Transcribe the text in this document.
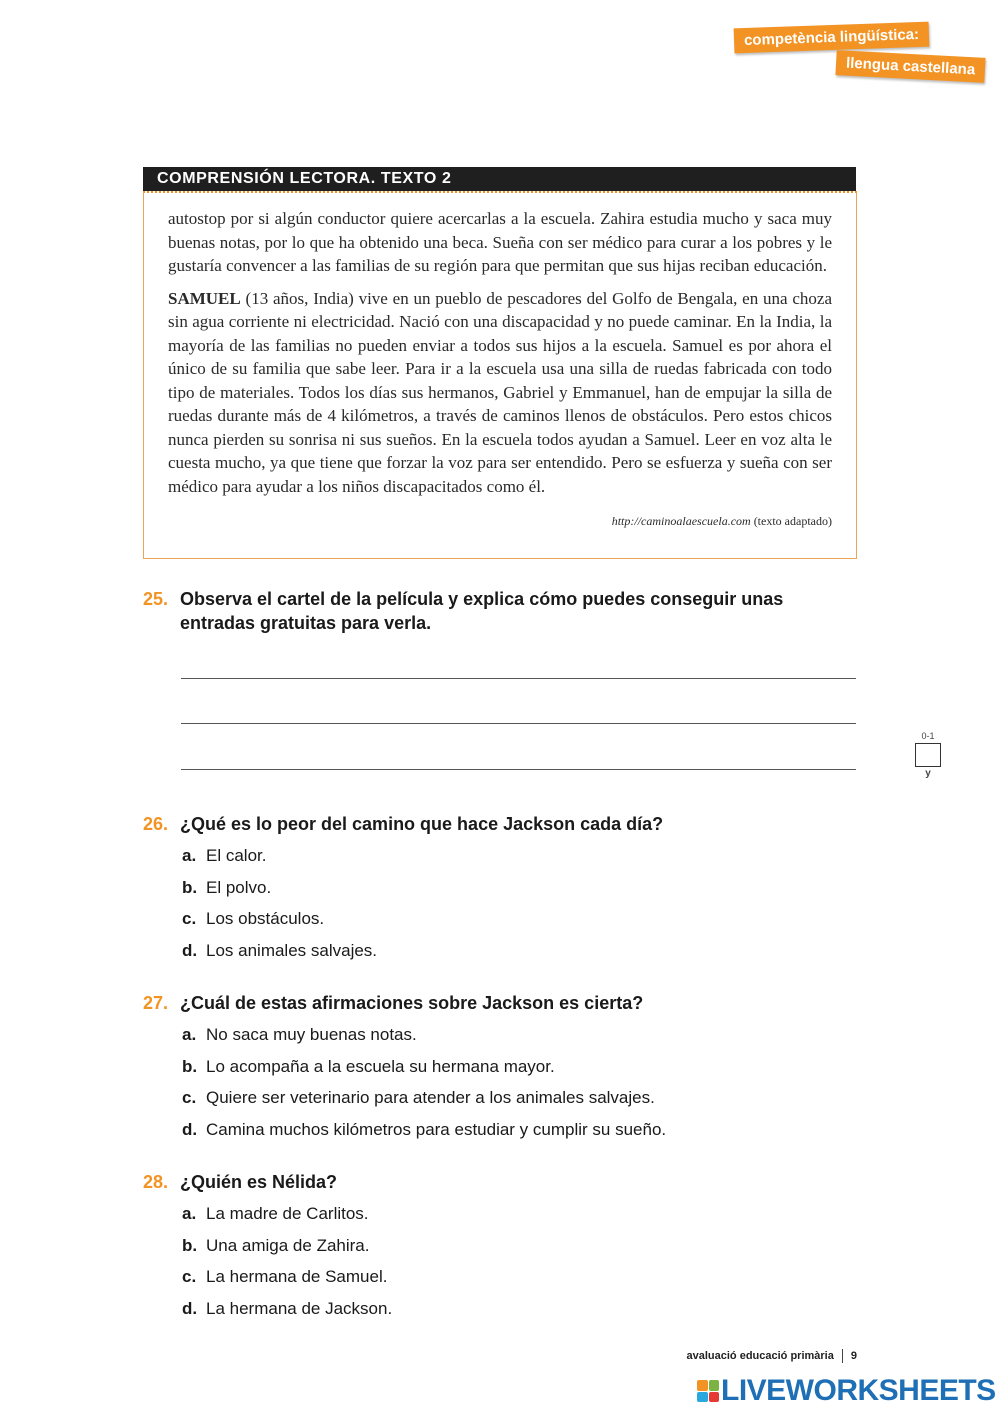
competència lingüística:
llengua castellana
COMPRENSIÓN LECTORA. TEXTO 2

autostop por si algún conductor quiere acercarlas a la escuela. Zahira estudia mucho y saca muy buenas notas, por lo que ha obtenido una beca. Sueña con ser médico para curar a los pobres y le gustaría convencer a las familias de su región para que permitan que sus hijas reciban educación.

SAMUEL (13 años, India) vive en un pueblo de pescadores del Golfo de Bengala, en una choza sin agua corriente ni electricidad. Nació con una discapacidad y no puede caminar. En la India, la mayoría de las familias no pueden enviar a todos sus hijos a la escuela. Samuel es por ahora el único de su familia que sabe leer. Para ir a la escuela usa una silla de ruedas fabricada con todo tipo de materiales. Todos los días sus hermanos, Gabriel y Emmanuel, han de empujar la silla de ruedas durante más de 4 kilómetros, a través de caminos llenos de obstáculos. Pero estos chicos nunca pierden su sonrisa ni sus sueños. En la escuela todos ayudan a Samuel. Leer en voz alta le cuesta mucho, ya que tiene que forzar la voz para ser entendido. Pero se esfuerza y sueña con ser médico para ayudar a los niños discapacitados como él.

http://caminoalaescuela.com (texto adaptado)
25. Observa el cartel de la película y explica cómo puedes conseguir unas entradas gratuitas para verla.
0-1
y
26. ¿Qué es lo peor del camino que hace Jackson cada día?
a. El calor.
b. El polvo.
c. Los obstáculos.
d. Los animales salvajes.
27. ¿Cuál de estas afirmaciones sobre Jackson es cierta?
a. No saca muy buenas notas.
b. Lo acompaña a la escuela su hermana mayor.
c. Quiere ser veterinario para atender a los animales salvajes.
d. Camina muchos kilómetros para estudiar y cumplir su sueño.
28. ¿Quién es Nélida?
a. La madre de Carlitos.
b. Una amiga de Zahira.
c. La hermana de Samuel.
d. La hermana de Jackson.
avaluació educació primària 9
LIVEWORKSHEETS
